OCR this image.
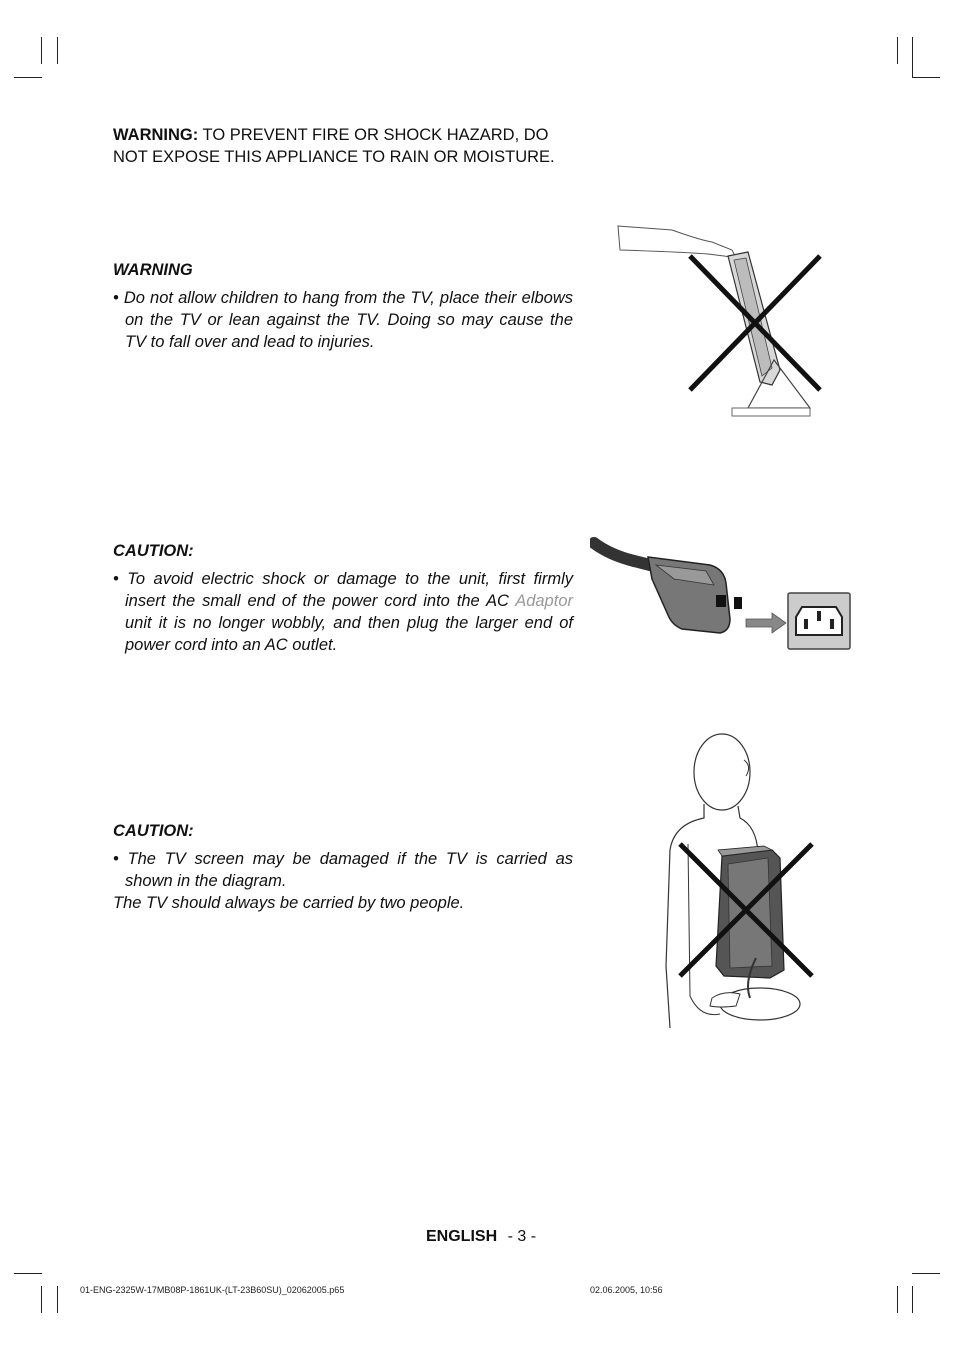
WARNING: TO PREVENT FIRE OR SHOCK HAZARD, DO NOT EXPOSE THIS APPLIANCE TO RAIN OR MOISTURE.

WARNING

• Do not allow children to hang from the TV, place their elbows on the TV or lean against the TV. Doing so may cause the TV to fall over and lead to injuries.

CAUTION:

• To avoid electric shock or damage to the unit, first firmly insert the small end of the power cord into the AC Adaptor unit it is no longer wobbly, and then plug the larger end of power cord into an AC outlet.

CAUTION:

• The TV screen may be damaged if the TV is carried as shown in the diagram.

The TV should always be carried by two people.

ENGLISH - 3 -
01-ENG-2325W-17MB08P-1861UK-(LT-23B60SU)_02062005.p65	02.06.2005, 10:56
